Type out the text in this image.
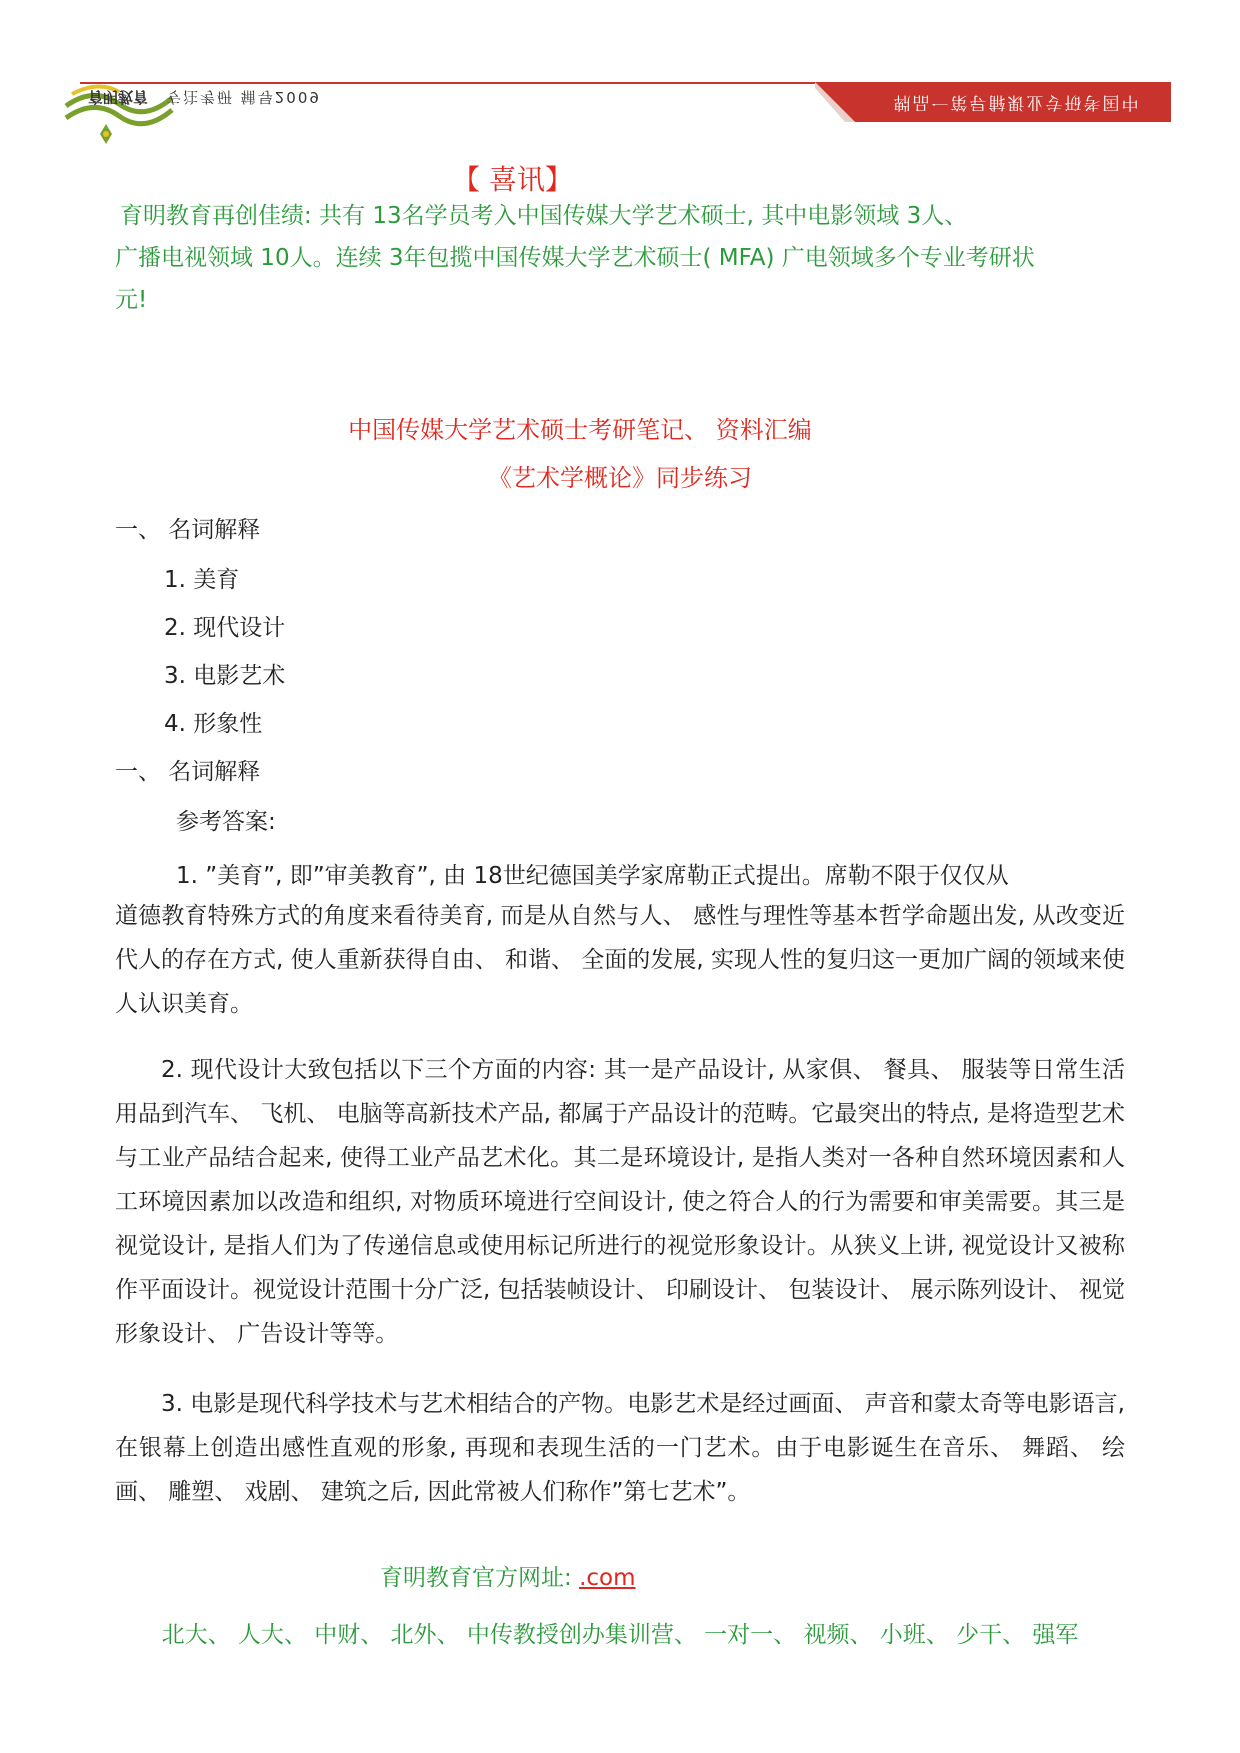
育明教育 专注考研 辅导2009	中国考研专业课辅导第一品牌
【 喜讯】
育明教育再创佳绩: 共有 13名学员考入中国传媒大学艺术硕士, 其中电影领域 3人、
广播电视领域 10人。连续 3年包揽中国传媒大学艺术硕士( MFA) 广电领域多个专业考研状
元!
中国传媒大学艺术硕士考研笔记、 资料汇编
《艺术学概论》同步练习
一、 名词解释
1. 美育
2. 现代设计
3. 电影艺术
4. 形象性
一、 名词解释
参考答案:
1. ”美育”, 即”审美教育”, 由 18世纪德国美学家席勒正式提出。席勒不限于仅仅从
道德教育特殊方式的角度来看待美育, 而是从自然与人、 感性与理性等基本哲学命题出发, 从改变近代人的存在方式, 使人重新获得自由、 和谐、 全面的发展, 实现人性的复归这一更加广阔的领域来使人认识美育。
2. 现代设计大致包括以下三个方面的内容: 其一是产品设计, 从家俱、 餐具、 服装等日常生活用品到汽车、 飞机、 电脑等高新技术产品, 都属于产品设计的范畴。它最突出的特点, 是将造型艺术与工业产品结合起来, 使得工业产品艺术化。其二是环境设计, 是指人类对一各种自然环境因素和人工环境因素加以改造和组织, 对物质环境进行空间设计, 使之符合人的行为需要和审美需要。其三是视觉设计, 是指人们为了传递信息或使用标记所进行的视觉形象设计。从狭义上讲, 视觉设计又被称作平面设计。视觉设计范围十分广泛, 包括装帧设计、 印刷设计、 包装设计、 展示陈列设计、 视觉形象设计、 广告设计等等。
3. 电影是现代科学技术与艺术相结合的产物。电影艺术是经过画面、 声音和蒙太奇等电影语言, 在银幕上创造出感性直观的形象, 再现和表现生活的一门艺术。由于电影诞生在音乐、 舞蹈、 绘画、 雕塑、 戏剧、 建筑之后, 因此常被人们称作”第七艺术”。
育明教育官方网址: .com
北大、 人大、 中财、 北外、 中传教授创办集训营、 一对一、 视频、 小班、 少干、 强军
